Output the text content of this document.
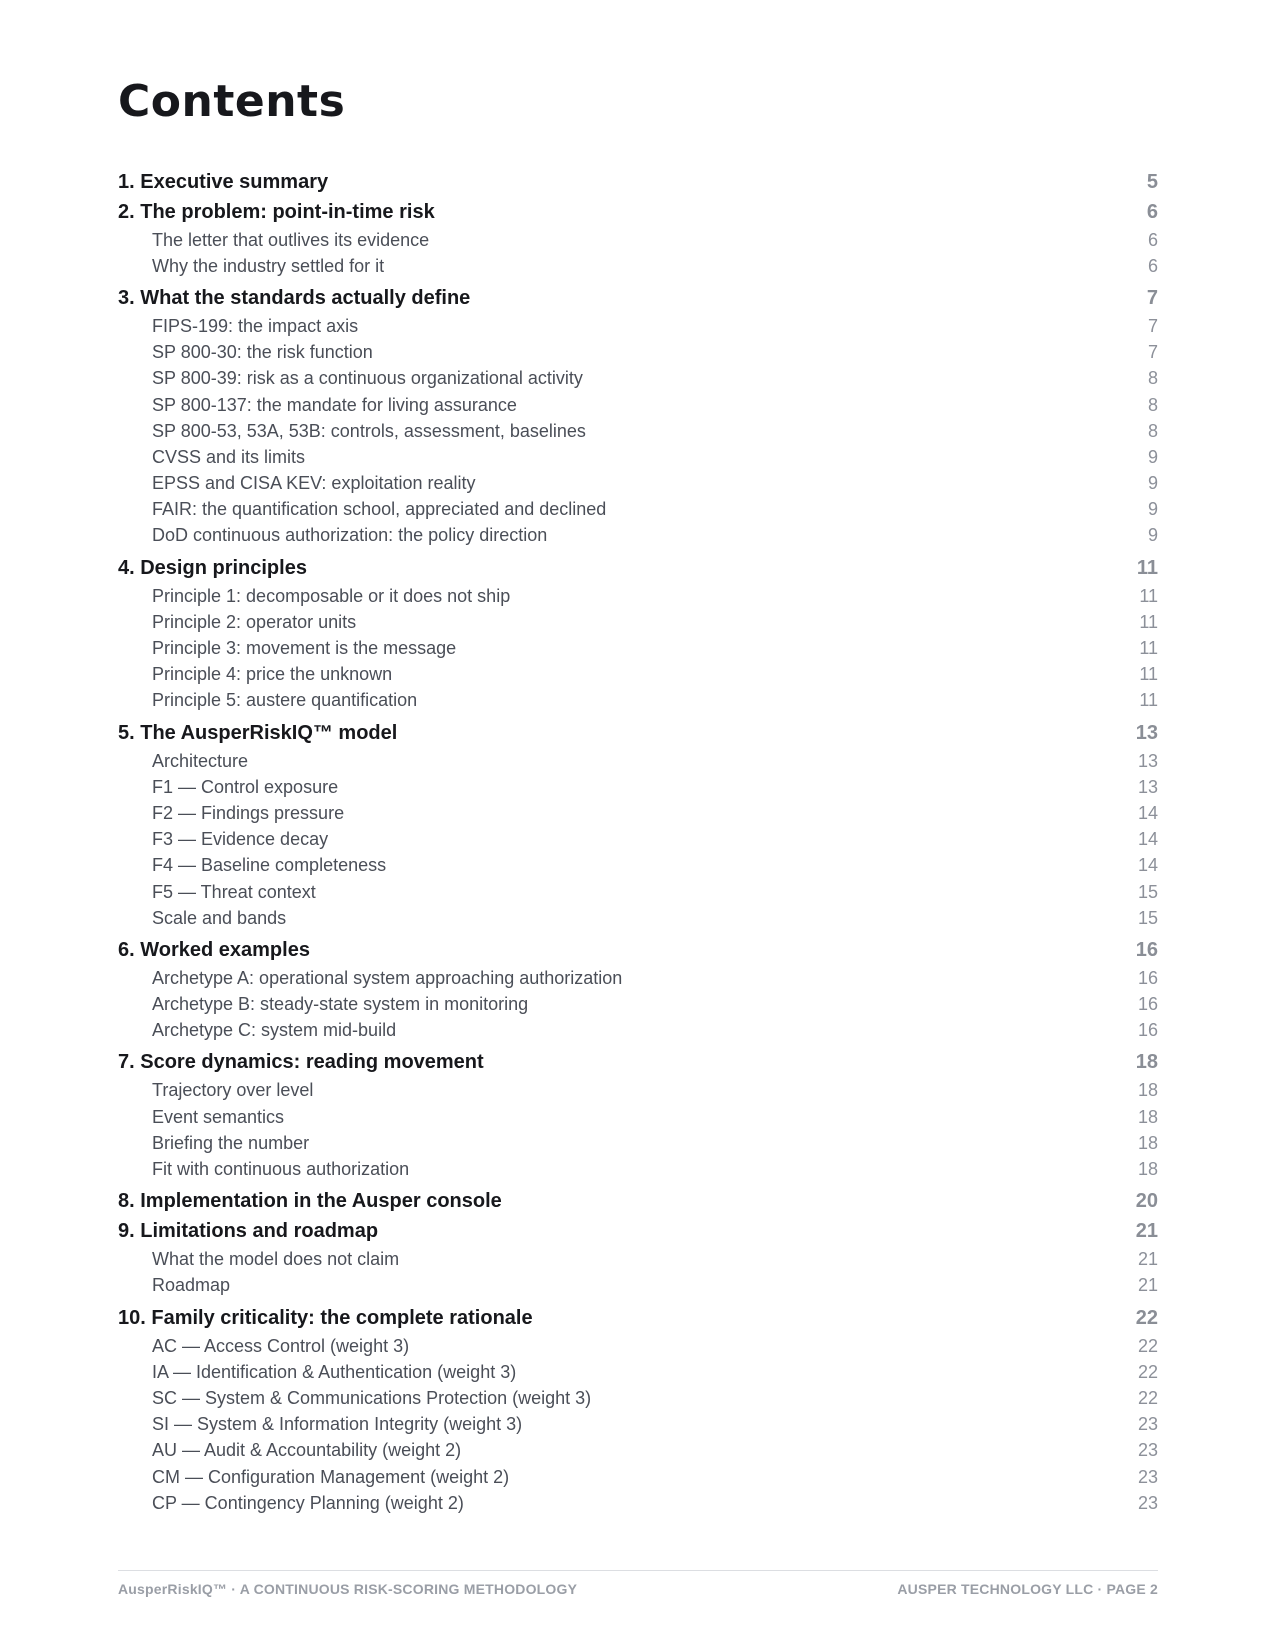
Contents
1. Executive summary	5
2. The problem: point-in-time risk	6
The letter that outlives its evidence	6
Why the industry settled for it	6
3. What the standards actually define	7
FIPS-199: the impact axis	7
SP 800-30: the risk function	7
SP 800-39: risk as a continuous organizational activity	8
SP 800-137: the mandate for living assurance	8
SP 800-53, 53A, 53B: controls, assessment, baselines	8
CVSS and its limits	9
EPSS and CISA KEV: exploitation reality	9
FAIR: the quantification school, appreciated and declined	9
DoD continuous authorization: the policy direction	9
4. Design principles	11
Principle 1: decomposable or it does not ship	11
Principle 2: operator units	11
Principle 3: movement is the message	11
Principle 4: price the unknown	11
Principle 5: austere quantification	11
5. The AusperRiskIQ™ model	13
Architecture	13
F1 — Control exposure	13
F2 — Findings pressure	14
F3 — Evidence decay	14
F4 — Baseline completeness	14
F5 — Threat context	15
Scale and bands	15
6. Worked examples	16
Archetype A: operational system approaching authorization	16
Archetype B: steady-state system in monitoring	16
Archetype C: system mid-build	16
7. Score dynamics: reading movement	18
Trajectory over level	18
Event semantics	18
Briefing the number	18
Fit with continuous authorization	18
8. Implementation in the Ausper console	20
9. Limitations and roadmap	21
What the model does not claim	21
Roadmap	21
10. Family criticality: the complete rationale	22
AC — Access Control (weight 3)	22
IA — Identification & Authentication (weight 3)	22
SC — System & Communications Protection (weight 3)	22
SI — System & Information Integrity (weight 3)	23
AU — Audit & Accountability (weight 2)	23
CM — Configuration Management (weight 2)	23
CP — Contingency Planning (weight 2)	23
AusperRiskIQ™ · A CONTINUOUS RISK-SCORING METHODOLOGY	AUSPER TECHNOLOGY LLC · PAGE 2
